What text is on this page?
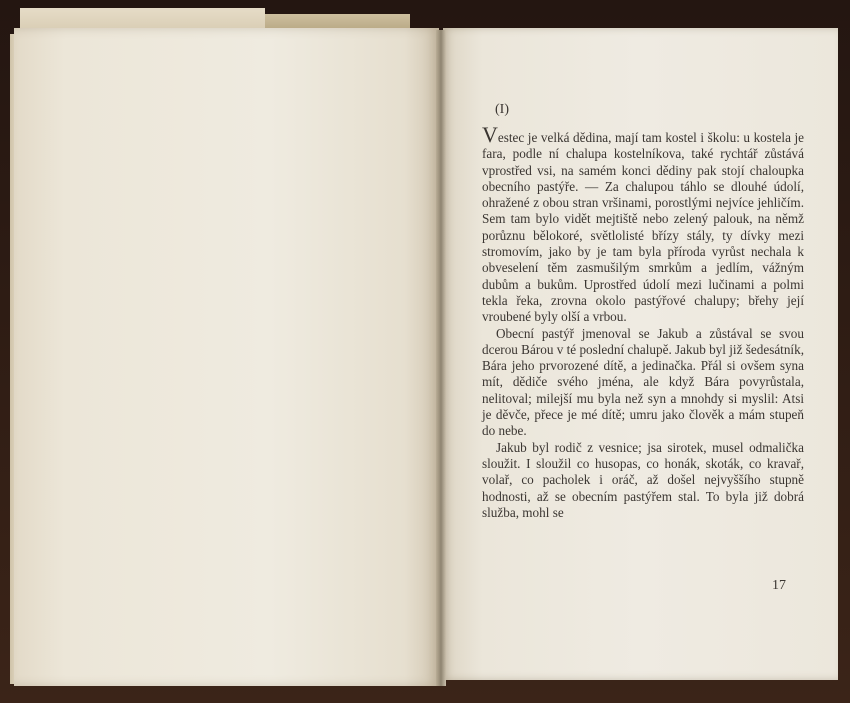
(I)

Vestec je velká dědina, mají tam kostel i školu: u kostela je fara, podle ní chalupa kostelníkova, také rychtář zůstává vprostřed vsi, na samém konci dědiny pak stojí chaloupka obecního pastýře. — Za chalupou táhlo se dlouhé údolí, ohražené z obou stran vršinami, porostlými nejvíce jehličím. Sem tam bylo vidět mejtiště nebo zelený palouk, na němž porůznu bělokoré, světlolisté břízy stály, ty dívky mezi stromovím, jako by je tam byla příroda vyrůst nechala k obveselení těm zasmušilým smrkům a jedlím, vážným dubům a bukům. Uprostřed údolí mezi lučinami a polmi tekla řeka, zrovna okolo pastýřové chalupy; břehy její vroubené byly olší a vrbou.

Obecní pastýř jmenoval se Jakub a zůstával se svou dcerou Bárou v té poslední chalupě. Jakub byl již šedesátník, Bára jeho prvorozené dítě, a jedinačka. Přál si ovšem syna mít, dědiče svého jména, ale když Bára povyrůstala, nelitoval; milejší mu byla než syn a mnohdy si myslil: Atsi je děvče, přece je mé dítě; umru jako člověk a mám stupeň do nebe.

Jakub byl rodič z vesnice; jsa sirotek, musel odmalička sloužit. I sloužil co husopas, co honák, skoták, co kravař, volař, co pacholek i oráč, až došel nejvyššího stupně hodnosti, až se obecním pastýřem stal. To byla již dobrá služba, mohl se

17
